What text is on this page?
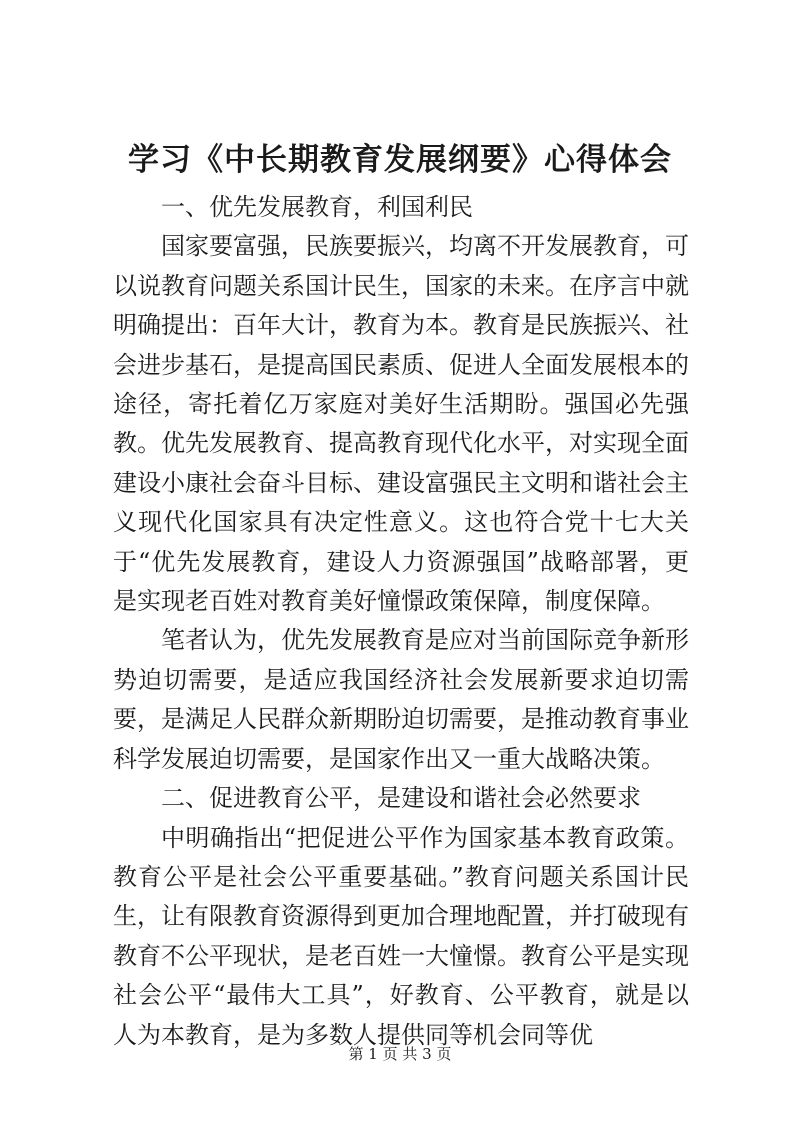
学习《中长期教育发展纲要》心得体会

一、优先发展教育，利国利民

国家要富强，民族要振兴，均离不开发展教育，可以说教育问题关系国计民生，国家的未来。在序言中就明确提出：百年大计，教育为本。教育是民族振兴、社会进步基石，是提高国民素质、促进人全面发展根本的途径，寄托着亿万家庭对美好生活期盼。强国必先强教。优先发展教育、提高教育现代化水平，对实现全面建设小康社会奋斗目标、建设富强民主文明和谐社会主义现代化国家具有决定性意义。这也符合党十七大关于“优先发展教育，建设人力资源强国”战略部署，更是实现老百姓对教育美好憧憬政策保障，制度保障。

笔者认为，优先发展教育是应对当前国际竞争新形势迫切需要，是适应我国经济社会发展新要求迫切需要，是满足人民群众新期盼迫切需要，是推动教育事业科学发展迫切需要，是国家作出又一重大战略决策。

二、促进教育公平，是建设和谐社会必然要求

中明确指出“把促进公平作为国家基本教育政策。教育公平是社会公平重要基础。”教育问题关系国计民生，让有限教育资源得到更加合理地配置，并打破现有教育不公平现状，是老百姓一大憧憬。教育公平是实现社会公平“最伟大工具”，好教育、公平教育，就是以人为本教育，是为多数人提供同等机会同等优

第 1 页 共 3 页
